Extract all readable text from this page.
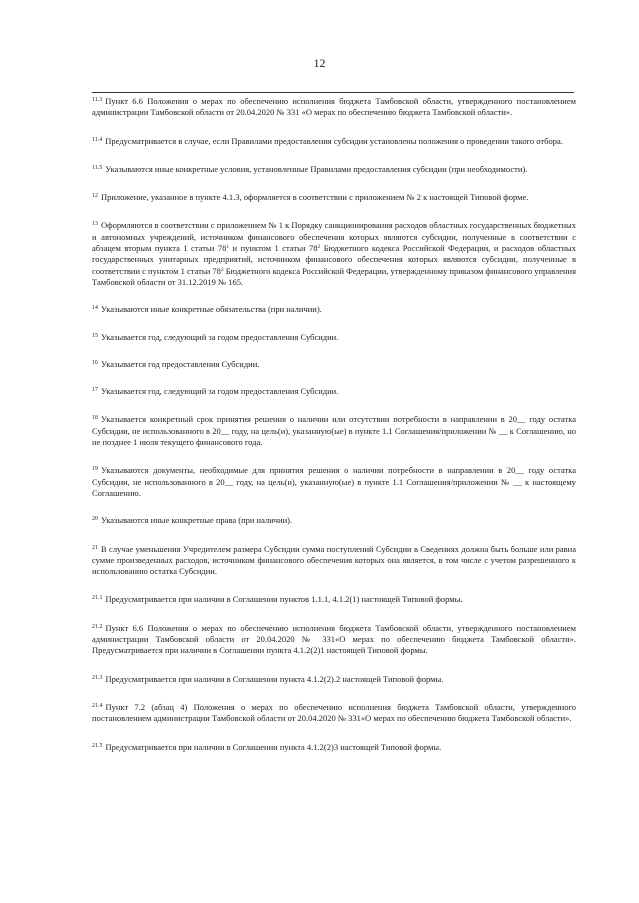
12

$^{11.3}$ Пункт 6.6 Положения о мерах по обеспечению исполнения бюджета Тамбовской области, утвержденного постановлением администрации Тамбовской области от 20.04.2020 № 331 «О мерах по обеспечению бюджета Тамбовской области».

$^{11.4}$ Предусматривается в случае, если Правилами предоставления субсидии установлены положения о проведении такого отбора.

$^{11.5}$ Указываются иные конкретные условия, установленные Правилами предоставления субсидии (при необходимости).

$^{12}$ Приложение, указанное в пункте 4.1.3, оформляется в соответствии с приложением № 2 к настоящей Типовой форме.

$^{13}$ Оформляются в соответствии с приложением № 1 к Порядку санкционирования расходов областных государственных бюджетных и автономных учреждений, источником финансового обеспечения которых являются субсидии, полученные в соответствии с абзацем вторым пункта 1 статьи $78^1$ и пунктом 1 статьи $78^2$ Бюджетного кодекса Российской Федерации, и расходов областных государственных унитарных предприятий, источником финансового обеспечения которых являются субсидии, полученные в соответствии с пунктом 1 статьи $78^2$ Бюджетного кодекса Российской Федерации, утвержденному приказом финансового управления Тамбовской области от 31.12.2019 № 165.

$^{14}$ Указываются иные конкретные обязательства (при наличии).

$^{15}$ Указывается год, следующий за годом предоставления Субсидии.

$^{16}$ Указывается год предоставления Субсидии.

$^{17}$ Указывается год, следующий за годом предоставления Субсидии.

$^{18}$ Указывается конкретный срок принятия решения о наличии или отсутствии потребности в направлении в 20__ году остатка Субсидии, не использованного в 20__ году, на цель(и), указанную(ые) в пункте 1.1 Соглашения/приложении № __ к Соглашению, но не позднее 1 июля текущего финансового года.

$^{19}$ Указываются документы, необходимые для принятия решения о наличии потребности в направлении в 20__ году остатка Субсидии, не использованного в 20__ году, на цель(и), указанную(ые) в пункте 1.1 Соглашения/приложении № __ к настоящему Соглашению.

$^{20}$ Указываются иные конкретные права (при наличии).

$^{21}$ В случае уменьшения Учредителем размера Субсидии сумма поступлений Субсидии в Сведениях должна быть больше или равна сумме произведенных расходов, источником финансового обеспечения которых она является, в том числе с учетом разрешенного к использованию остатка Субсидии.

$^{21.1}$ Предусматривается при наличии в Соглашении пунктов 1.1.1, 4.1.2(1) настоящей Типовой формы.

$^{21.2}$ Пункт 6.6 Положения о мерах по обеспечению исполнения бюджета Тамбовской области, утвержденного постановлением администрации Тамбовской области от 20.04.2020 № 331«О мерах по обеспечению бюджета Тамбовской области». Предусматривается при наличии в Соглашении пункта 4.1.2(2)1 настоящей Типовой формы.

$^{21.3}$ Предусматривается при наличии в Соглашении пункта 4.1.2(2).2 настоящей Типовой формы.

$^{21.4}$ Пункт 7.2 (абзац 4) Положения о мерах по обеспечению исполнения бюджета Тамбовской области, утвержденного постановлением администрации Тамбовской области от 20.04.2020 № 331«О мерах по обеспечению бюджета Тамбовской области».

$^{21.5}$ Предусматривается при наличии в Соглашении пункта 4.1.2(2)3 настоящей Типовой формы.
